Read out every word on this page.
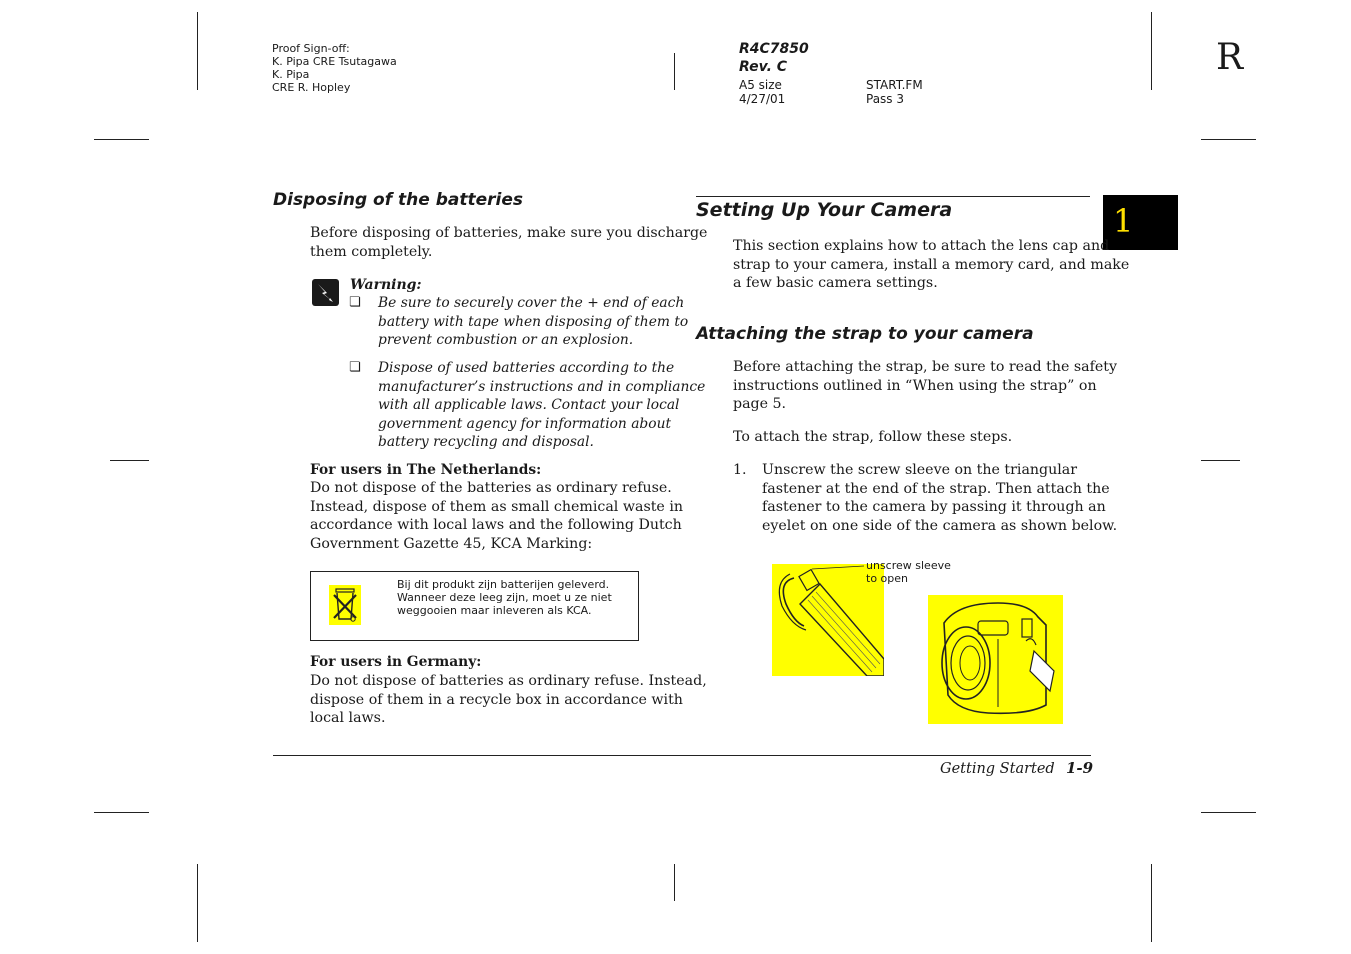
Proof Sign-off:
K. Pipa CRE Tsutagawa
K. Pipa
CRE R. Hopley
R4C7850
Rev. C
A5 size
4/27/01
START.FM
Pass 3
R
1
Disposing of the batteries
Before disposing of batteries, make sure you discharge
them completely.
Warning:
❏ Be sure to securely cover the + end of each
battery with tape when disposing of them to
prevent combustion or an explosion.
❏ Dispose of used batteries according to the
manufacturer’s instructions and in compliance
with all applicable laws. Contact your local
government agency for information about
battery recycling and disposal.
For users in The Netherlands:
Do not dispose of the batteries as ordinary refuse.
Instead, dispose of them as small chemical waste in
accordance with local laws and the following Dutch
Government Gazette 45, KCA Marking:
Bij dit produkt zijn batterijen geleverd.
Wanneer deze leeg zijn, moet u ze niet
weggooien maar inleveren als KCA.
For users in Germany:
Do not dispose of batteries as ordinary refuse. Instead,
dispose of them in a recycle box in accordance with
local laws.
Setting Up Your Camera
This section explains how to attach the lens cap and
strap to your camera, install a memory card, and make
a few basic camera settings.
Attaching the strap to your camera
Before attaching the strap, be sure to read the safety
instructions outlined in “When using the strap” on
page 5.
To attach the strap, follow these steps.
1. Unscrew the screw sleeve on the triangular
fastener at the end of the strap. Then attach the
fastener to the camera by passing it through an
eyelet on one side of the camera as shown below.
unscrew sleeve
to open
Getting Started 1-9
